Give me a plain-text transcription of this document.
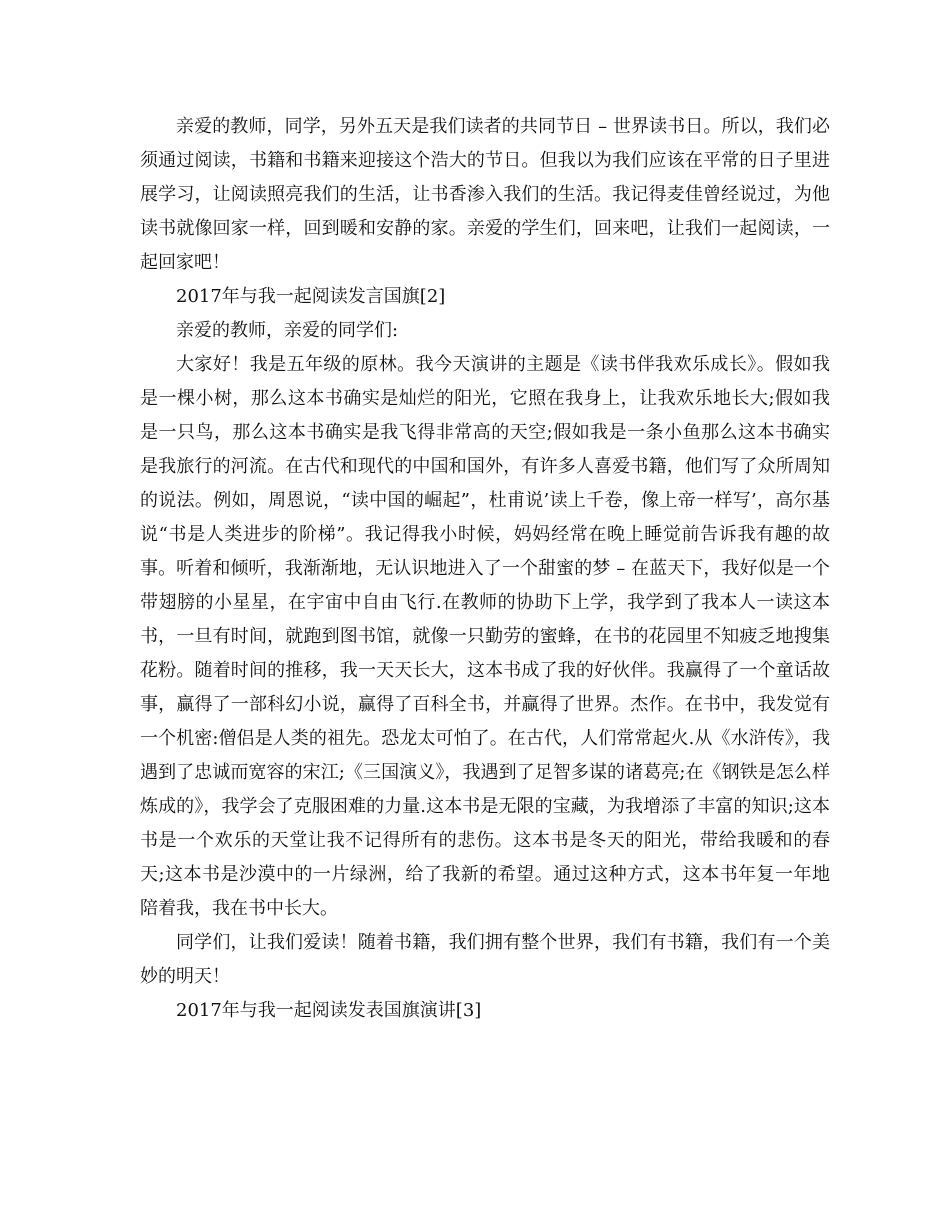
亲爱的教师，同学，另外五天是我们读者的共同节日 – 世界读书日。所以，我们必须通过阅读，书籍和书籍来迎接这个浩大的节日。但我以为我们应该在平常的日子里进展学习，让阅读照亮我们的生活，让书香渗入我们的生活。我记得麦佳曾经说过，为他读书就像回家一样，回到暖和安静的家。亲爱的学生们，回来吧，让我们一起阅读，一起回家吧！

2017年与我一起阅读发言国旗[2]

亲爱的教师，亲爱的同学们:

大家好！我是五年级的原林。我今天演讲的主题是《读书伴我欢乐成长》。假如我是一棵小树，那么这本书确实是灿烂的阳光，它照在我身上，让我欢乐地长大;假如我是一只鸟，那么这本书确实是我飞得非常高的天空;假如我是一条小鱼那么这本书确实是我旅行的河流。在古代和现代的中国和国外，有许多人喜爱书籍，他们写了众所周知的说法。例如，周恩说，“读中国的崛起”，杜甫说’读上千卷，像上帝一样写’，高尔基说“书是人类进步的阶梯”。我记得我小时候，妈妈经常在晚上睡觉前告诉我有趣的故事。听着和倾听，我渐渐地，无认识地进入了一个甜蜜的梦 – 在蓝天下，我好似是一个带翅膀的小星星，在宇宙中自由飞行.在教师的协助下上学，我学到了我本人一读这本书，一旦有时间，就跑到图书馆，就像一只勤劳的蜜蜂，在书的花园里不知疲乏地搜集花粉。随着时间的推移，我一天天长大，这本书成了我的好伙伴。我赢得了一个童话故事，赢得了一部科幻小说，赢得了百科全书，并赢得了世界。杰作。在书中，我发觉有一个机密:僧侣是人类的祖先。恐龙太可怕了。在古代，人们常常起火.从《水浒传》，我遇到了忠诚而宽容的宋江;《三国演义》，我遇到了足智多谋的诸葛亮;在《钢铁是怎么样炼成的》，我学会了克服困难的力量.这本书是无限的宝藏，为我增添了丰富的知识;这本书是一个欢乐的天堂让我不记得所有的悲伤。这本书是冬天的阳光，带给我暖和的春天;这本书是沙漠中的一片绿洲，给了我新的希望。通过这种方式，这本书年复一年地陪着我，我在书中长大。

同学们，让我们爱读！随着书籍，我们拥有整个世界，我们有书籍，我们有一个美妙的明天！

2017年与我一起阅读发表国旗演讲[3]
